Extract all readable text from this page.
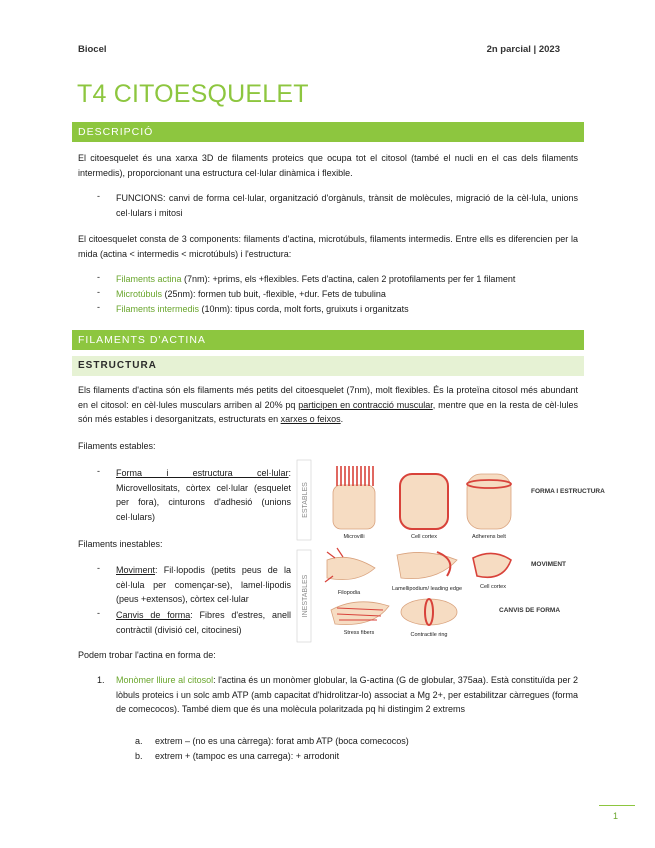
Biocel	2n parcial | 2023
T4 CITOESQUELET
DESCRIPCIÓ
El citoesquelet és una xarxa 3D de filaments proteics que ocupa tot el citosol (també el nucli en el cas dels filaments intermedis), proporcionant una estructura cel·lular dinàmica i flexible.
- FUNCIONS: canvi de forma cel·lular, organització d'orgànuls, trànsit de molècules, migració de la cèl·lula, unions cel·lulars i mitosi
El citoesquelet consta de 3 components: filaments d'actina, microtúbuls, filaments intermedis. Entre ells es diferencien per la mida (actina < intermedis < microtúbuls) i l'estructura:
- Filaments actina (7nm): +prims, els +flexibles. Fets d'actina, calen 2 protofilaments per fer 1 filament
- Microtúbuls (25nm): formen tub buit, -flexible, +dur. Fets de tubulina
- Filaments intermedis (10nm): tipus corda, molt forts, gruixuts i organitzats
FILAMENTS D'ACTINA
ESTRUCTURA
Els filaments d'actina són els filaments més petits del citoesquelet (7nm), molt flexibles. És la proteïna citosol més abundant en el citosol: en cèl·lules musculars arriben al 20% pq participen en contracció muscular, mentre que en la resta de cèl·lules són més estables i desorganitzats, estructurats en xarxes o feixos.
Filaments estables:
- Forma i estructura cel·lular: Microvellositats, còrtex cel·lular (esquelet per fora), cinturons d'adhesió (unions cel·lulars)
Filaments inestables:
- Moviment: Fil·lopodis (petits peus de la cèl·lula per començar-se), lamel·lipodis (peus +extensos), còrtex cel·lular
- Canvis de forma: Fibres d'estres, anell contràctil (divisió cel, citocinesi)
ESTABLES
INESTABLES
Microvilli	Cell cortex	Adherens belt
FORMA I ESTRUCTURA
Filopodia
Lamellipodium/ leading edge	Cell cortex
MOVIMENT
Stress fibers	Contractile ring
CANVIS DE FORMA
Podem trobar l'actina en forma de:
1. Monòmer lliure al citosol: l'actina és un monòmer globular, la G-actina (G de globular, 375aa). Està constituïda per 2 lòbuls proteics i un solc amb ATP (amb capacitat d'hidrolitzar-lo) associat a Mg 2+, per estabilitzar càrregues (forma de comecocos). També diem que és una molècula polaritzada pq hi distingim 2 extrems
a. extrem – (no es una càrrega): forat amb ATP (boca comecocos)
b. extrem + (tampoc es una carrega): + arrodonit
1
